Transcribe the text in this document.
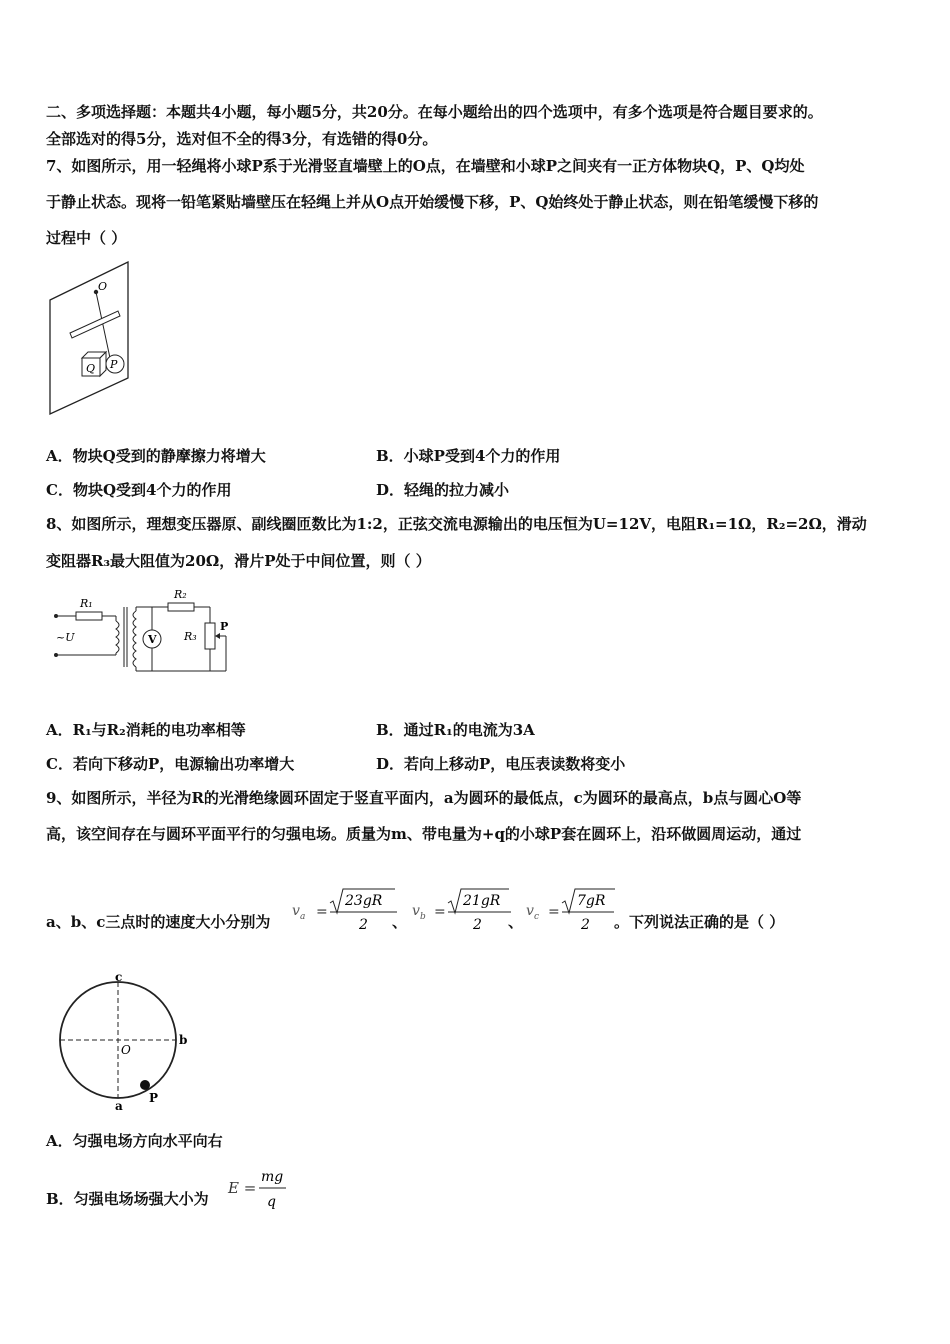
二、多项选择题：本题共4小题，每小题5分，共20分。在每小题给出的四个选项中，有多个选项是符合题目要求的。
全部选对的得5分，选对但不全的得3分，有选错的得0分。
7、如图所示，用一轻绳将小球P系于光滑竖直墙壁上的O点，在墙壁和小球P之间夹有一正方体物块Q，P、Q均处
于静止状态。现将一铅笔紧贴墙壁压在轻绳上并从O点开始缓慢下移，P、Q始终处于静止状态，则在铅笔缓慢下移的
过程中（ ）
O
Q P
A．物块Q受到的静摩擦力将增大	B．小球P受到4个力的作用
C．物块Q受到4个力的作用	D．轻绳的拉力减小
8、如图所示，理想变压器原、副线圈匝数比为1:2，正弦交流电源输出的电压恒为U=12V，电阻R₁=1Ω，R₂=2Ω，滑动
变阻器R₃最大阻值为20Ω，滑片P处于中间位置，则（ ）
R₁
~U	V
R₂
R₃
P
A．R₁与R₂消耗的电功率相等	B．通过R₁的电流为3A
C．若向下移动P，电源输出功率增大	D．若向上移动P，电压表读数将变小
9、如图所示，半径为R的光滑绝缘圆环固定于竖直平面内，a为圆环的最低点，c为圆环的最高点，b点与圆心O等
高，该空间存在与圆环平面平行的匀强电场。质量为m、带电量为+q的小球P套在圆环上，沿环做圆周运动，通过
a、b、c三点时的速度大小分别为
v a =
23gR
2 、
v b =
21gR
2 、
v c =
7gR
2 。下列说法正确的是（ ）
c
b
O
a
P
A．匀强电场方向水平向右
B．匀强电场场强大小为
E =
mg
q
